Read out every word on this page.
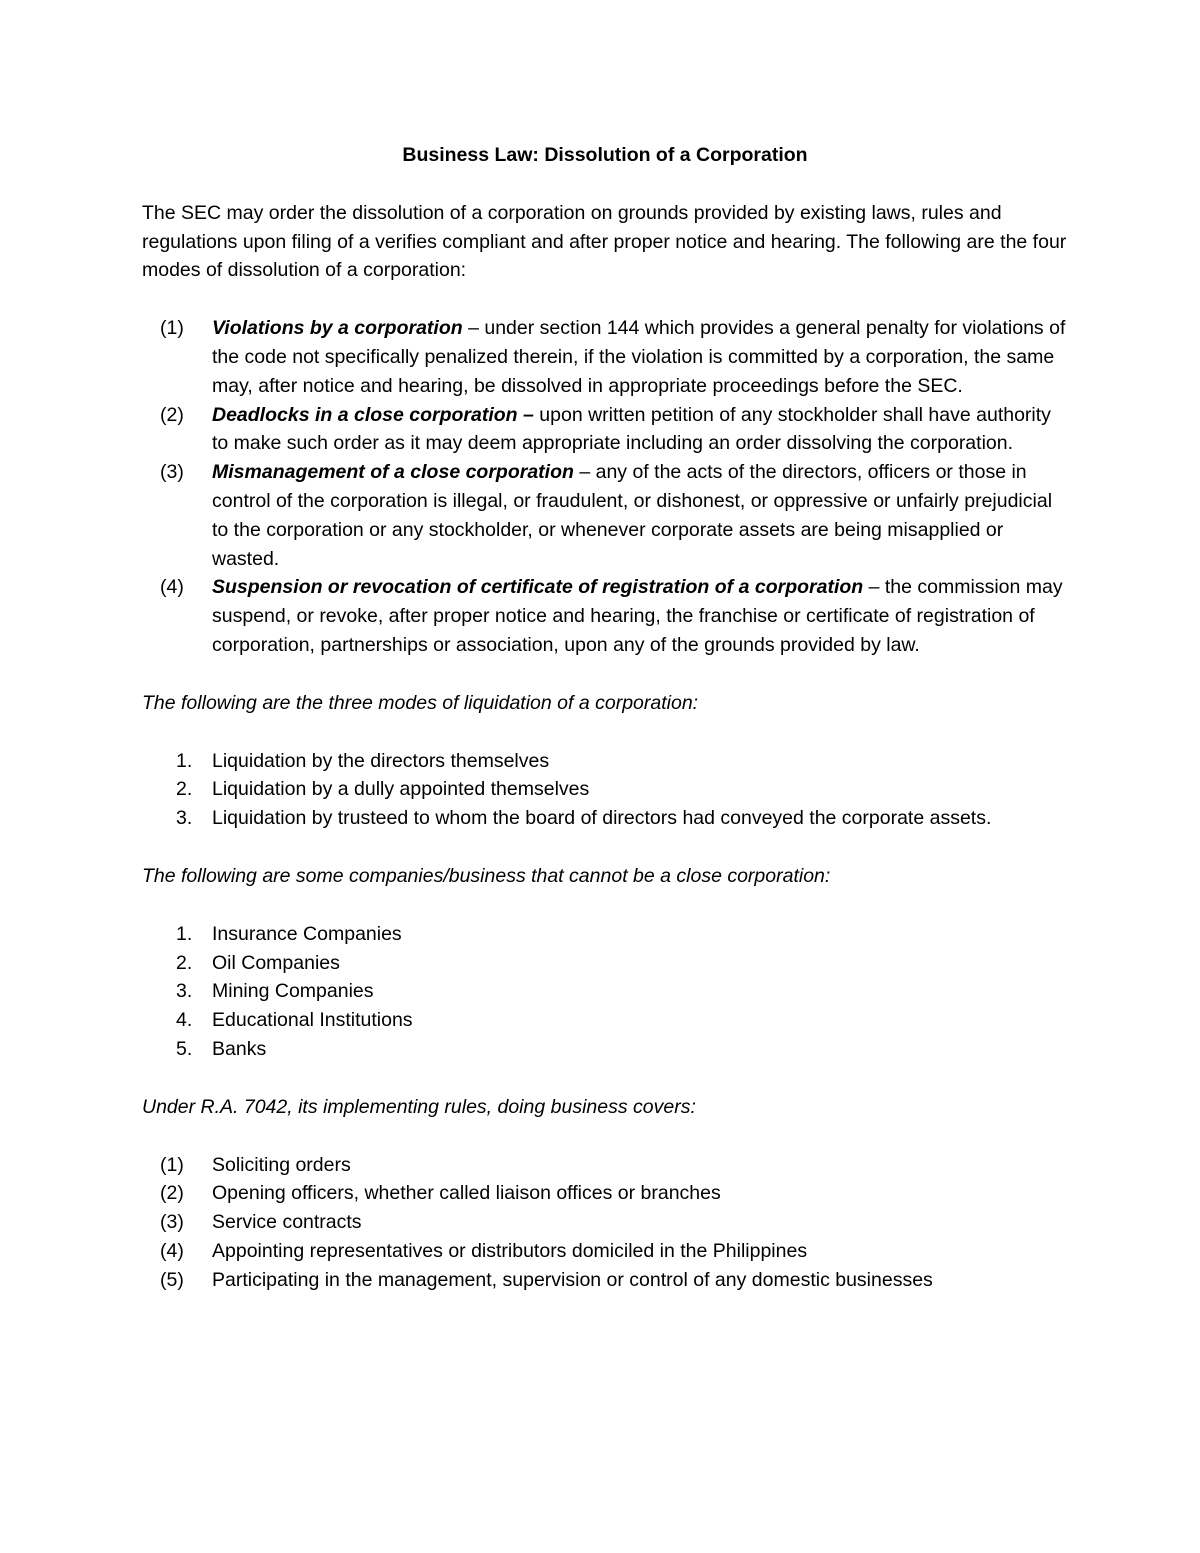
Business Law: Dissolution of a Corporation
The SEC may order the dissolution of a corporation on grounds provided by existing laws, rules and regulations upon filing of a verifies compliant and after proper notice and hearing. The following are the four modes of dissolution of a corporation:
(1) Violations by a corporation – under section 144 which provides a general penalty for violations of the code not specifically penalized therein, if the violation is committed by a corporation, the same may, after notice and hearing, be dissolved in appropriate proceedings before the SEC.
(2) Deadlocks in a close corporation – upon written petition of any stockholder shall have authority to make such order as it may deem appropriate including an order dissolving the corporation.
(3) Mismanagement of a close corporation – any of the acts of the directors, officers or those in control of the corporation is illegal, or fraudulent, or dishonest, or oppressive or unfairly prejudicial to the corporation or any stockholder, or whenever corporate assets are being misapplied or wasted.
(4) Suspension or revocation of certificate of registration of a corporation – the commission may suspend, or revoke, after proper notice and hearing, the franchise or certificate of registration of corporation, partnerships or association, upon any of the grounds provided by law.
The following are the three modes of liquidation of a corporation:
1. Liquidation by the directors themselves
2. Liquidation by a dully appointed themselves
3. Liquidation by trusteed to whom the board of directors had conveyed the corporate assets.
The following are some companies/business that cannot be a close corporation:
1. Insurance Companies
2. Oil Companies
3. Mining Companies
4. Educational Institutions
5. Banks
Under R.A. 7042, its implementing rules, doing business covers:
(1) Soliciting orders
(2) Opening officers, whether called liaison offices or branches
(3) Service contracts
(4) Appointing representatives or distributors domiciled in the Philippines
(5) Participating in the management, supervision or control of any domestic businesses
